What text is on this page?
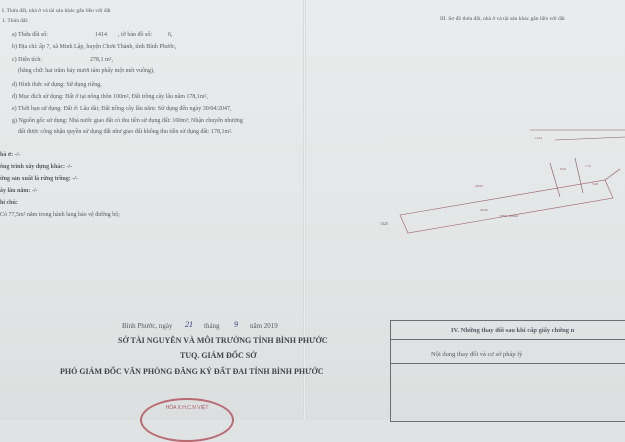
I. Thửa đất, nhà ở và tài sản khác gắn liền với đất
1. Thửa đất:
a) Thửa đất số:	1414 , tờ bản đồ số:	6,
b) Địa chỉ: ấp 7, xã Minh Lập, huyện Chơn Thành, tỉnh Bình Phước,
c) Diện tích:	278,1 m²,
(bằng chữ: hai trăm bảy mươi tám phẩy một mét vuông),
d) Hình thức sử dụng: Sử dụng riêng,
đ) Mục đích sử dụng: Đất ở tại nông thôn 100m², Đất trồng cây lâu năm 178,1m²,
e) Thời hạn sử dụng: Đất ở: Lâu dài; Đất trồng cây lâu năm: Sử dụng đến ngày 30/04/2047,
g) Nguồn gốc sử dụng: Nhà nước giao đất có thu tiền sử dụng đất: 100m²; Nhận chuyển nhượng
đất được công nhận quyền sử dụng đất như giao đất không thu tiền sử dụng đất: 178,1m².
hà ở: -/-
ông trình xây dựng khác: -/-
ừng sản xuất là rừng trồng: -/-
ây lâu năm: -/-
hi chú:
Có 77,5m² nằm trong hành lang bảo vệ đường bộ;
III. Sơ đồ thửa đất, nhà ở và tài sản khác gắn liền với đất
1414
DNK 100m2
40.00
40.00
6.95
7.15
5.00
1325
Bình Phước, ngày 21 tháng 9 năm 2019
SỞ TÀI NGUYÊN VÀ MÔI TRƯỜNG TỈNH BÌNH PHƯỚC
TUQ. GIÁM ĐỐC SỞ
PHÓ GIÁM ĐỐC VĂN PHÒNG ĐĂNG KÝ ĐẤT ĐAI TỈNH BÌNH PHƯỚC
HÒA X.H.C.N VIỆT
IV. Những thay đổi sau khi cấp giấy chứng n
Nội dung thay đổi và cơ sở pháp lý
